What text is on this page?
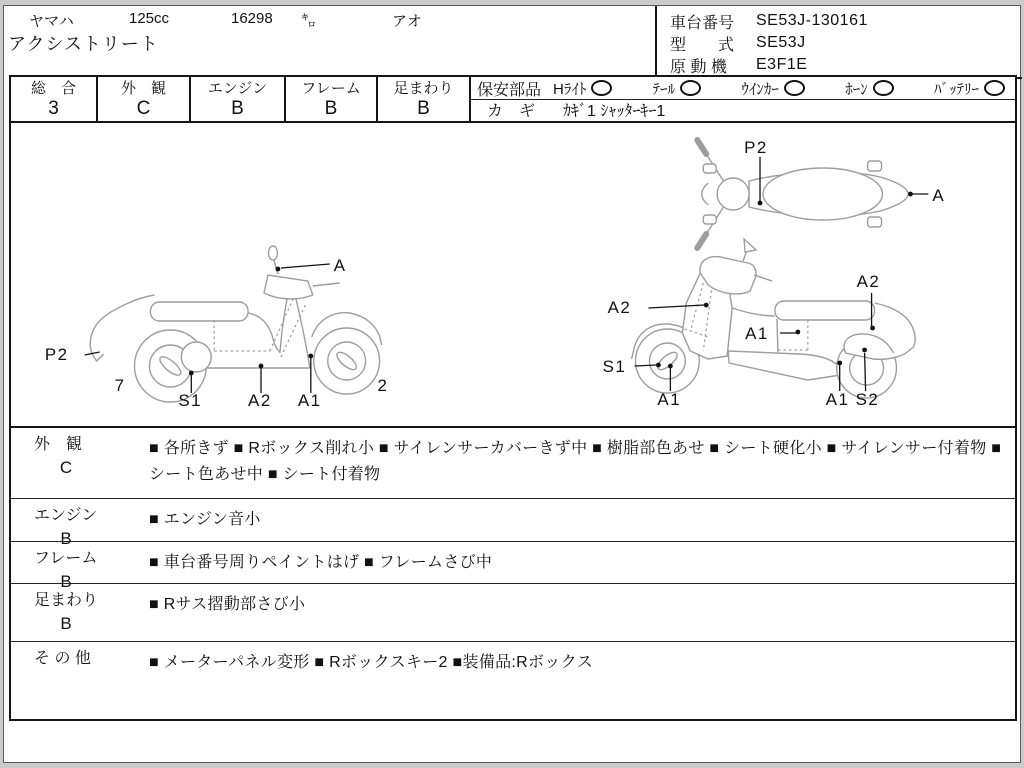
ヤマハ	125cc	16298 ㌔	アオ
アクシストリート
車台番号	SE53J-130161
型　　式	SE53J
原 動 機	E3F1E
総　合
3
外　観
C
エンジン
B
フレーム
B
足まわり
B
保安部品 Hﾗｲﾄ	ﾃｰﾙ	ｳｲﾝｶｰ	ﾎｰﾝ	ﾊﾞｯﾃﾘｰ
カ　ギ ｶｷﾞ1 ｼｬｯﾀｰｷｰ1
P2
A
A
P2
7
S1	A2 A1
2
A2
A1
A2
S1
A1	A1 S2
外　観
C
■ 各所きず ■ Rボックス削れ小 ■ サイレンサーカバーきず中 ■ 樹脂部色あせ ■ シート硬化小 ■ サイレンサー付着物 ■ シート色あせ中 ■ シート付着物
エンジン
B
■ エンジン音小
フレーム
B
■ 車台番号周りペイントはげ ■ フレームさび中
足まわり
B
■ Rサス摺動部さび小
そ の 他	■ メーターパネル変形 ■ Rボックスキー2 ■装備品:Rボックス
